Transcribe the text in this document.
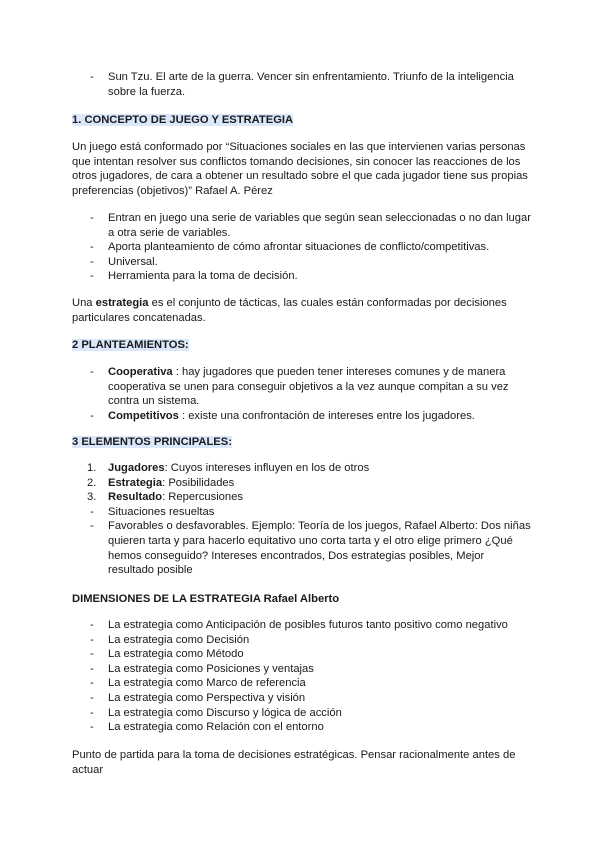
- Sun Tzu. El arte de la guerra. Vencer sin enfrentamiento. Triunfo de la inteligencia sobre la fuerza.
1. CONCEPTO DE JUEGO Y ESTRATEGIA

Un juego está conformado por “Situaciones sociales en las que intervienen varias personas que intentan resolver sus conflictos tomando decisiones, sin conocer las reacciones de los otros jugadores, de cara a obtener un resultado sobre el que cada jugador tiene sus propias preferencias (objetivos)” Rafael A. Pérez

- Entran en juego una serie de variables que según sean seleccionadas o no dan lugar a otra serie de variables.
- Aporta planteamiento de cómo afrontar situaciones de conflicto/competitivas.
- Universal.
- Herramienta para la toma de decisión.

Una estrategia es el conjunto de tácticas, las cuales están conformadas por decisiones particulares concatenadas.

2 PLANTEAMIENTOS:
- Cooperativa : hay jugadores que pueden tener intereses comunes y de manera cooperativa se unen para conseguir objetivos a la vez aunque compitan a su vez contra un sistema.
- Competitivos : existe una confrontación de intereses entre los jugadores.
3 ELEMENTOS PRINCIPALES:
1. Jugadores: Cuyos intereses influyen en los de otros
2. Estrategia: Posibilidades
3. Resultado: Repercusiones
- Situaciones resueltas
- Favorables o desfavorables. Ejemplo: Teoría de los juegos, Rafael Alberto: Dos niñas quieren tarta y para hacerlo equitativo uno corta tarta y el otro elige primero ¿Qué hemos conseguido? Intereses encontrados, Dos estrategias posibles, Mejor resultado posible
DIMENSIONES DE LA ESTRATEGIA Rafael Alberto
- La estrategia como Anticipación de posibles futuros tanto positivo como negativo
- La estrategia como Decisión
- La estrategia como Método
- La estrategia como Posiciones y ventajas
- La estrategia como Marco de referencia
- La estrategia como Perspectiva y visión
- La estrategia como Discurso y lógica de acción
- La estrategia como Relación con el entorno

Punto de partida para la toma de decisiones estratégicas. Pensar racionalmente antes de actuar
